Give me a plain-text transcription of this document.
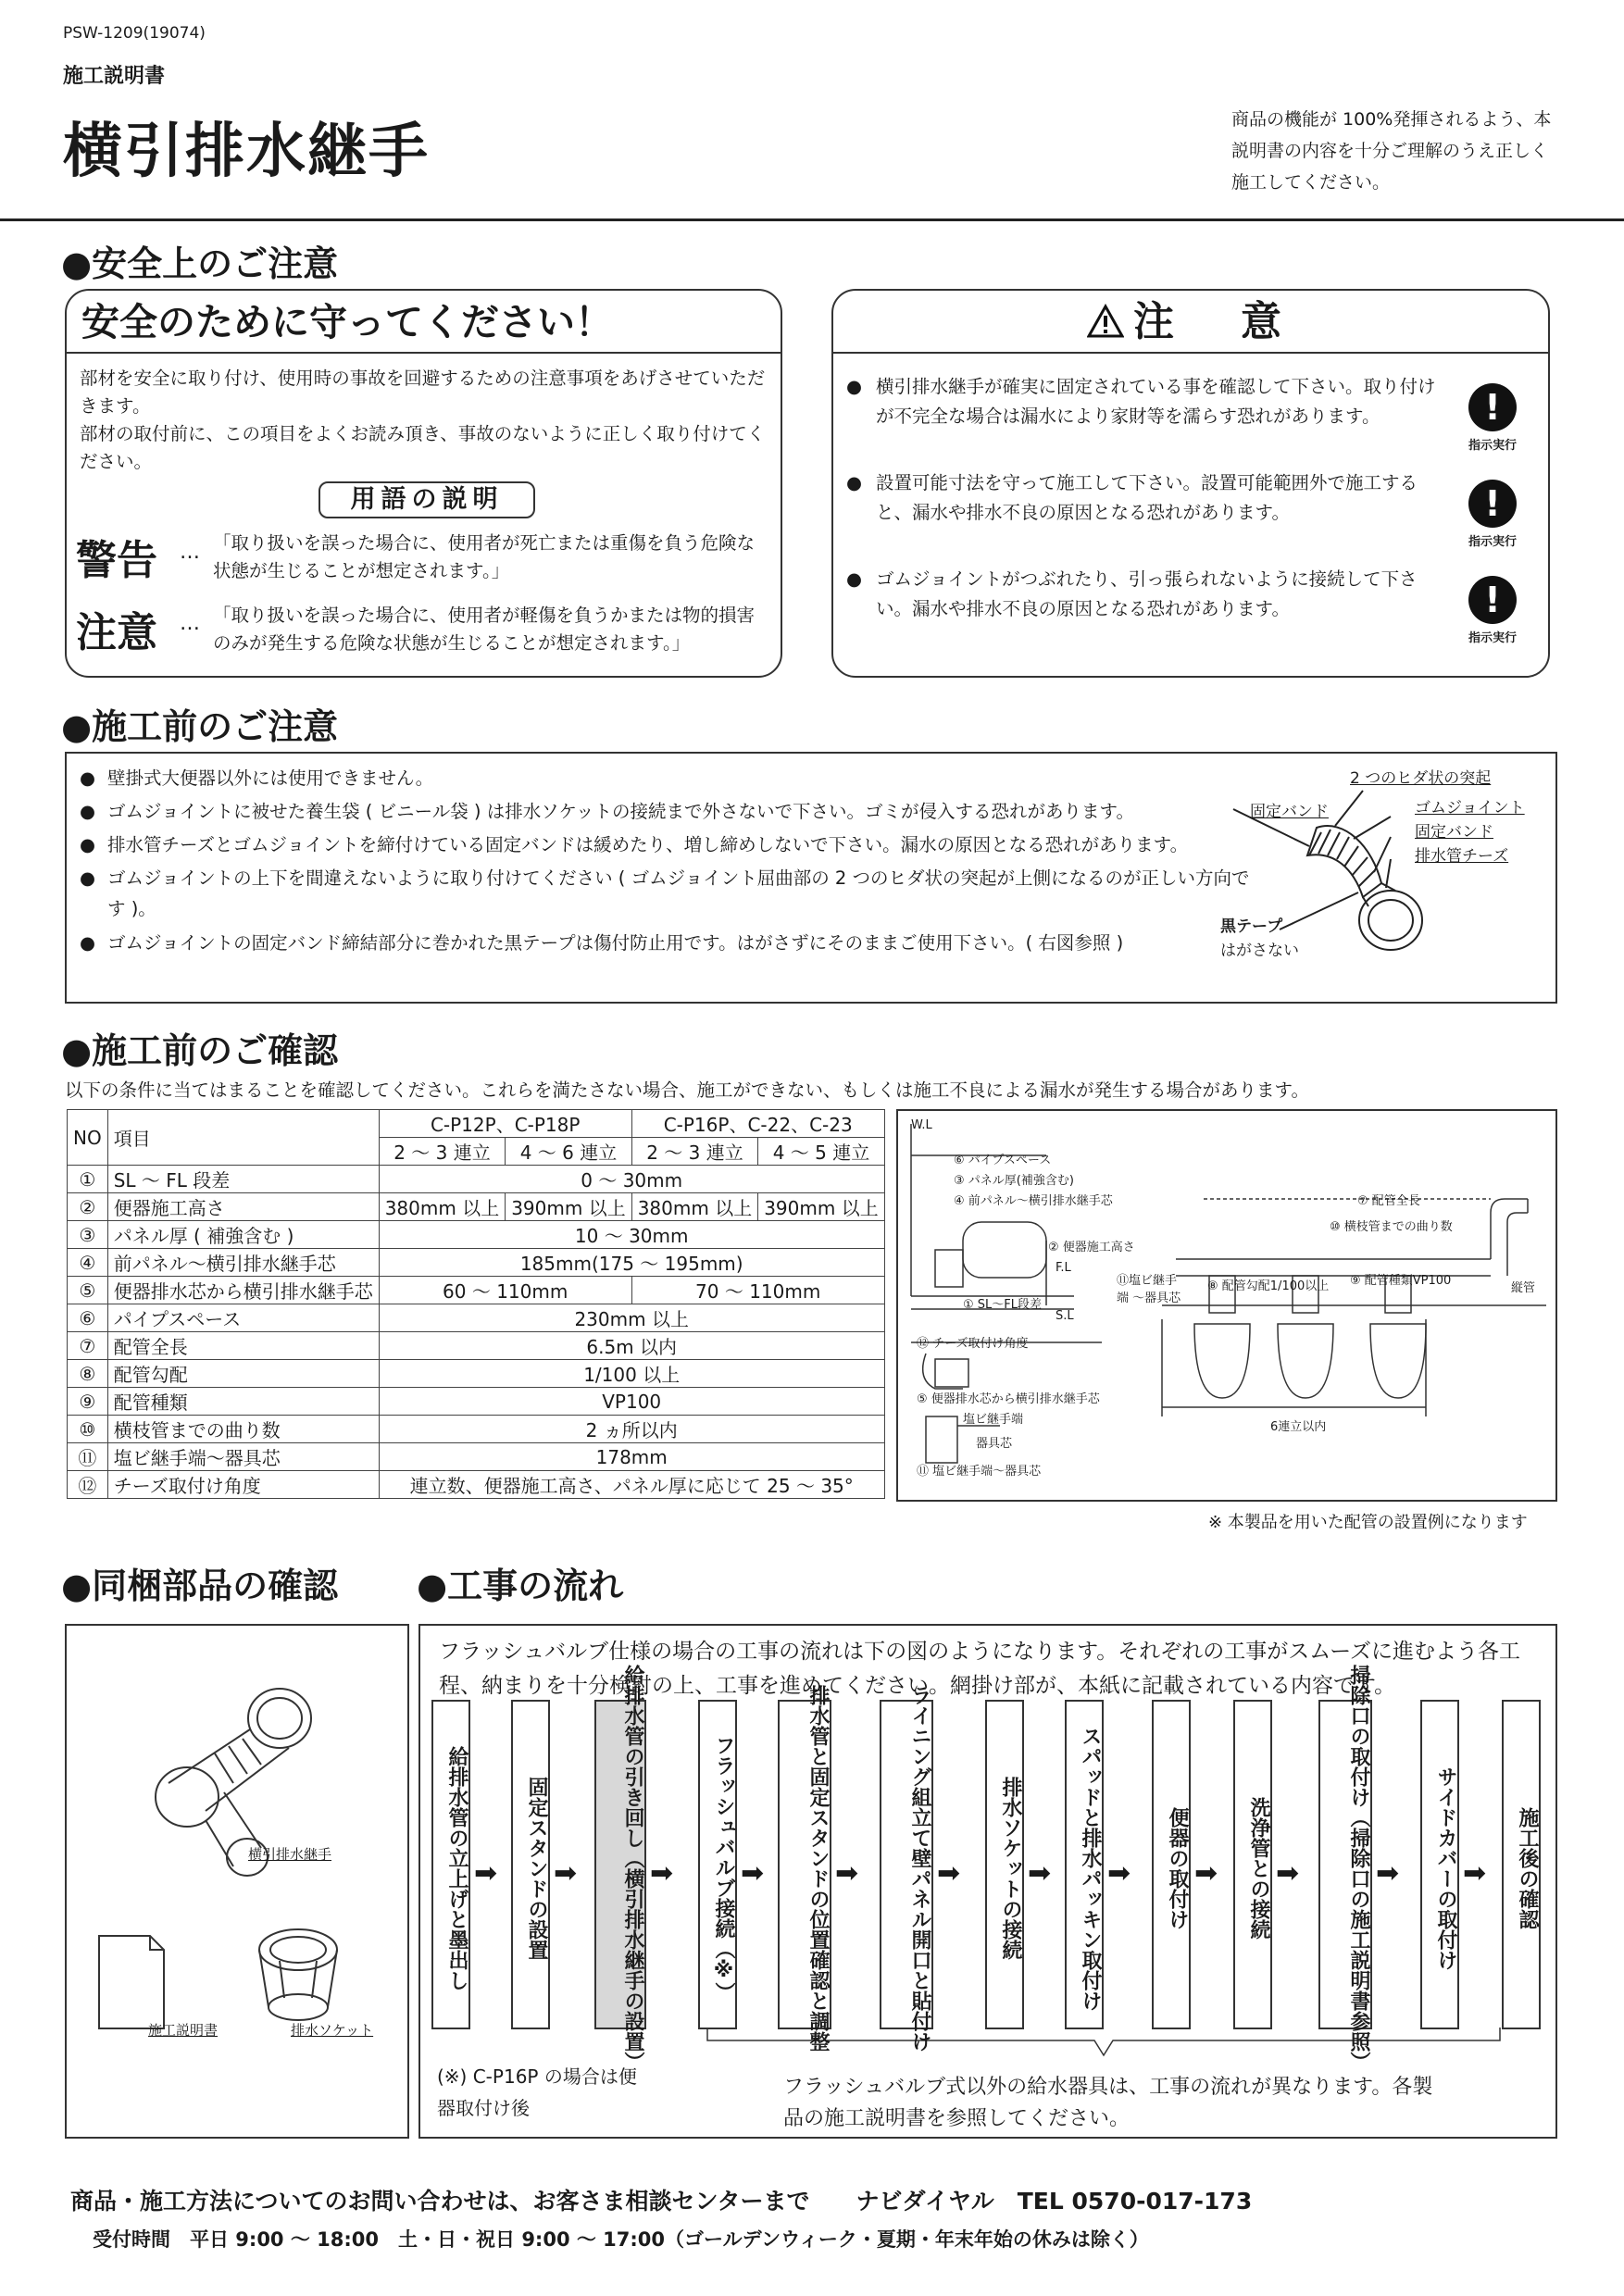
PSW-1209(19074)
施工説明書
横引排水継手	商品の機能が 100%発揮されるよう、本説明書の内容を十分ご理解のうえ正しく施工してください。
●安全上のご注意
安全のために守ってください！
部材を安全に取り付け、使用時の事故を回避するための注意事項をあげさせていただきます。
部材の取付前に、この項目をよくお読み頂き、事故のないように正しく取り付けてください。
用語の説明
警告 … 「取り扱いを誤った場合に、使用者が死亡または重傷を負う危険な状態が生じることが想定されます。」
注意 … 「取り扱いを誤った場合に、使用者が軽傷を負うかまたは物的損害のみが発生する危険な状態が生じることが想定されます。」
注　意
● 横引排水継手が確実に固定されている事を確認して下さい。取り付けが不完全な場合は漏水により家財等を濡らす恐れがあります。	!
指示実行
● 設置可能寸法を守って施工して下さい。設置可能範囲外で施工すると、漏水や排水不良の原因となる恐れがあります。	!
指示実行
● ゴムジョイントがつぶれたり、引っ張られないように接続して下さい。漏水や排水不良の原因となる恐れがあります。	!
指示実行
●施工前のご注意
● 壁掛式大便器以外には使用できません。
● ゴムジョイントに被せた養生袋 ( ビニール袋 ) は排水ソケットの接続まで外さないで下さい。ゴミが侵入する恐れがあります。
● 排水管チーズとゴムジョイントを締付けている固定バンドは緩めたり、増し締めしないで下さい。漏水の原因となる恐れがあります。
● ゴムジョイントの上下を間違えないように取り付けてください ( ゴムジョイント屈曲部の 2 つのヒダ状の突起が上側になるのが正しい方向です )。
● ゴムジョイントの固定バンド締結部分に巻かれた黒テープは傷付防止用です。はがさずにそのままご使用下さい。( 右図参照 )
2 つのヒダ状の突起
固定バンド	ゴムジョイント
固定バンド
排水管チーズ
黒テープ
はがさない
●施工前のご確認
以下の条件に当てはまることを確認してください。これらを満たさない場合、施工ができない、もしくは施工不良による漏水が発生する場合があります。
NO	項目	C-P12P、C-P18P		C-P16P、C-22、C-23	
		2 ～ 3 連立	4 ～ 6 連立	2 ～ 3 連立	4 ～ 5 連立
①	SL ～ FL 段差	0 ～ 30mm			
②	便器施工高さ	380mm 以上	390mm 以上	380mm 以上	390mm 以上
③	パネル厚 ( 補強含む )	10 ～ 30mm			
④	前パネル～横引排水継手芯	185mm(175 ～ 195mm)			
⑤	便器排水芯から横引排水継手芯	60 ～ 110mm		70 ～ 110mm	
⑥	パイプスペース	230mm 以上			
⑦	配管全長	6.5m 以内			
⑧	配管勾配	1/100 以上			
⑨	配管種類	VP100			
⑩	横枝管までの曲り数	2 ヵ所以内			
⑪	塩ビ継手端～器具芯	178mm			
⑫	チーズ取付け角度	連立数、便器施工高さ、パネル厚に応じて 25 ～ 35°			
W.L
⑥ パイプスペース
③ パネル厚(補強含む)
④ 前パネル～横引排水継手芯
② 便器施工高さ
F.L
S.L
① SL～FL段差
⑦ 配管全長
⑩ 横枝管までの曲り数
⑪塩ビ継手端 ～器具芯
⑧ 配管勾配1/100以上 ⑨ 配管種類VP100
縦管
⑫ チーズ取付け角度
⑤ 便器排水芯から横引排水継手芯
塩ビ継手端
器具芯
⑪ 塩ビ継手端～器具芯
6連立以内
※ 本製品を用いた配管の設置例になります
●同梱部品の確認 ●工事の流れ
横引排水継手
施工説明書	排水ソケット
フラッシュバルブ仕様の場合の工事の流れは下の図のようになります。それぞれの工事がスムーズに進むよう各工程、納まりを十分検討の上、工事を進めてください。網掛け部が、本紙に記載されている内容です。
(※) C-P16P の場合は便器取付け後
フラッシュバルブ式以外の給水器具は、工事の流れが異なります。各製品の施工説明書を参照してください。
給排水管の立上げと墨出し ➡	固定スタンドの設置 ➡	給排水管の引き回し（横引排水継手の設置） ➡	フラッシュバルブ接続（※） ➡	排水管と固定スタンドの位置確認と調整 ➡	ライニング組立て壁パネル開口と貼付け ➡	排水ソケットの接続 ➡	スパッドと排水パッキン取付け ➡	便器の取付け ➡	洗浄管との接続 ➡	掃除口の取付け（掃除口の施工説明書参照） ➡	サイドカバーの取付け ➡	施工後の確認
商品・施工方法についてのお問い合わせは、お客さま相談センターまで　　ナビダイヤル　TEL 0570-017-173
受付時間　平日 9:00 ～ 18:00　土・日・祝日 9:00 ～ 17:00（ゴールデンウィーク・夏期・年末年始の休みは除く）
